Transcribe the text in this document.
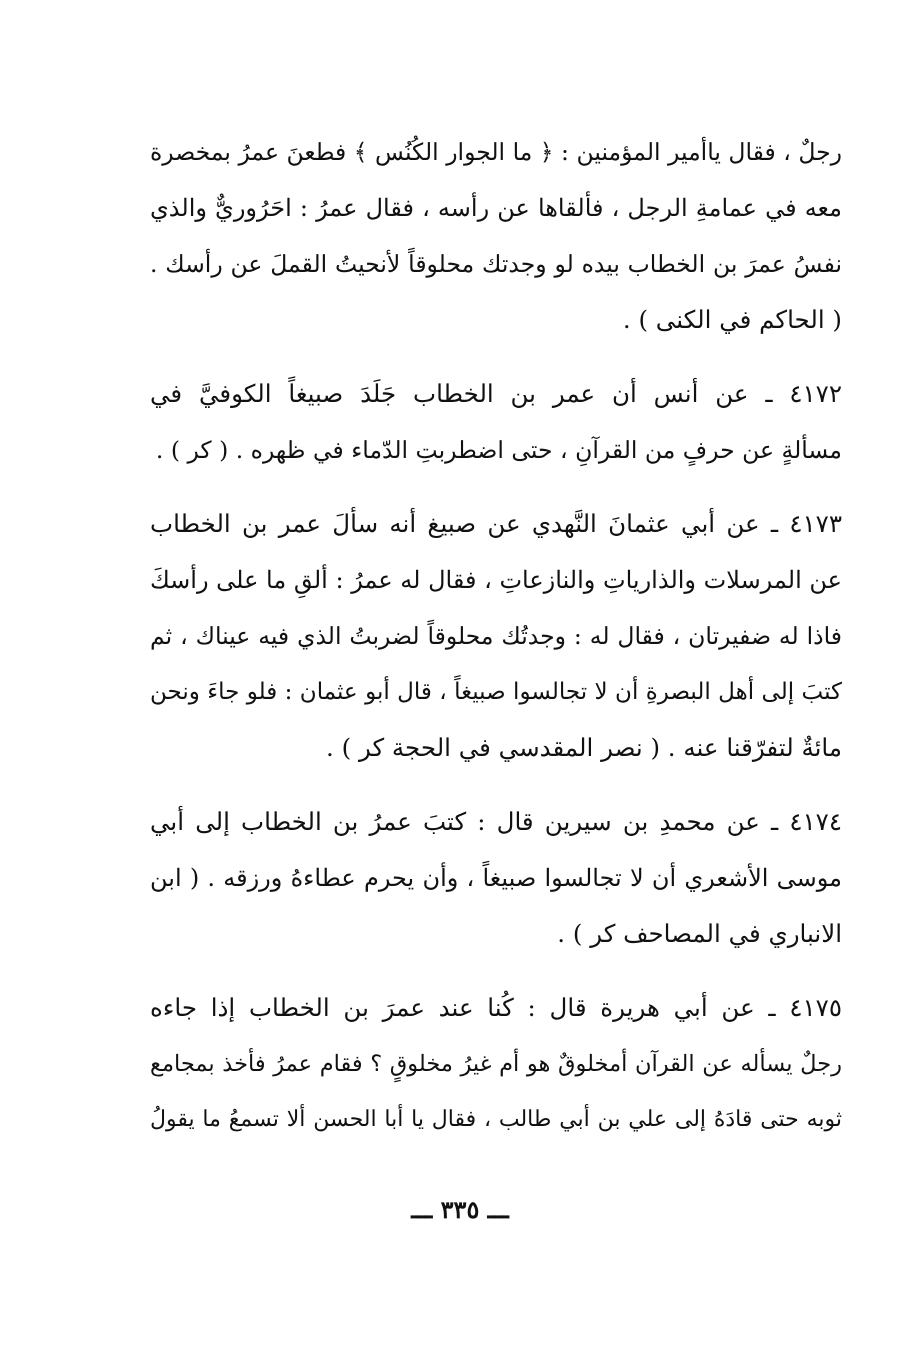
رجلٌ ، فقال ياأمير المؤمنين : ﴿ ما الجوار الكُنُس ﴾ فطعنَ عمرُ بمخصرة
معه في عمامةِ الرجل ، فألقاها عن رأسه ، فقال عمرُ : احَرُوريٌّ والذي
نفسُ عمرَ بن الخطاب بيده لو وجدتك محلوقاً لأنحيتُ القملَ عن رأسك .
( الحاكم في الكنى ) .
٤١٧٢ ـ عن أنس أن عمر بن الخطاب جَلَدَ صبيغاً الكوفيَّ في
مسألةٍ عن حرفٍ من القرآنِ ، حتى اضطربتِ الدّماء في ظهره . ( كر ) .
٤١٧٣ ـ عن أبي عثمانَ النَّهدي عن صبيغ أنه سألَ عمر بن الخطاب
عن المرسلات والذارياتِ والنازعاتِ ، فقال له عمرُ : ألقِ ما على رأسكَ
فاذا له ضفيرتان ، فقال له : وجدتُك محلوقاً لضربتُ الذي فيه عيناك ، ثم
كتبَ إلى أهل البصرةِ أن لا تجالسوا صبيغاً ، قال أبو عثمان : فلو جاءَ ونحن
مائةٌ لتفرّقنا عنه . ( نصر المقدسي في الحجة كر ) .
٤١٧٤ ـ عن محمدِ بن سيرين قال : كتبَ عمرُ بن الخطاب إلى أبي
موسى الأشعري أن لا تجالسوا صبيغاً ، وأن يحرم عطاءهُ ورزقه . ( ابن
الانباري في المصاحف كر ) .
٤١٧٥ ـ عن أبي هريرة قال : كُنا عند عمرَ بن الخطاب إذا جاءه
رجلٌ يسأله عن القرآن أمخلوقٌ هو أم غيرُ مخلوقٍ ؟ فقام عمرُ فأخذ بمجامع
ثوبه حتى قادَهُ إلى علي بن أبي طالب ، فقال يا أبا الحسن ألا تسمعُ ما يقولُ
ـــ ٣٣٥ ـــ
